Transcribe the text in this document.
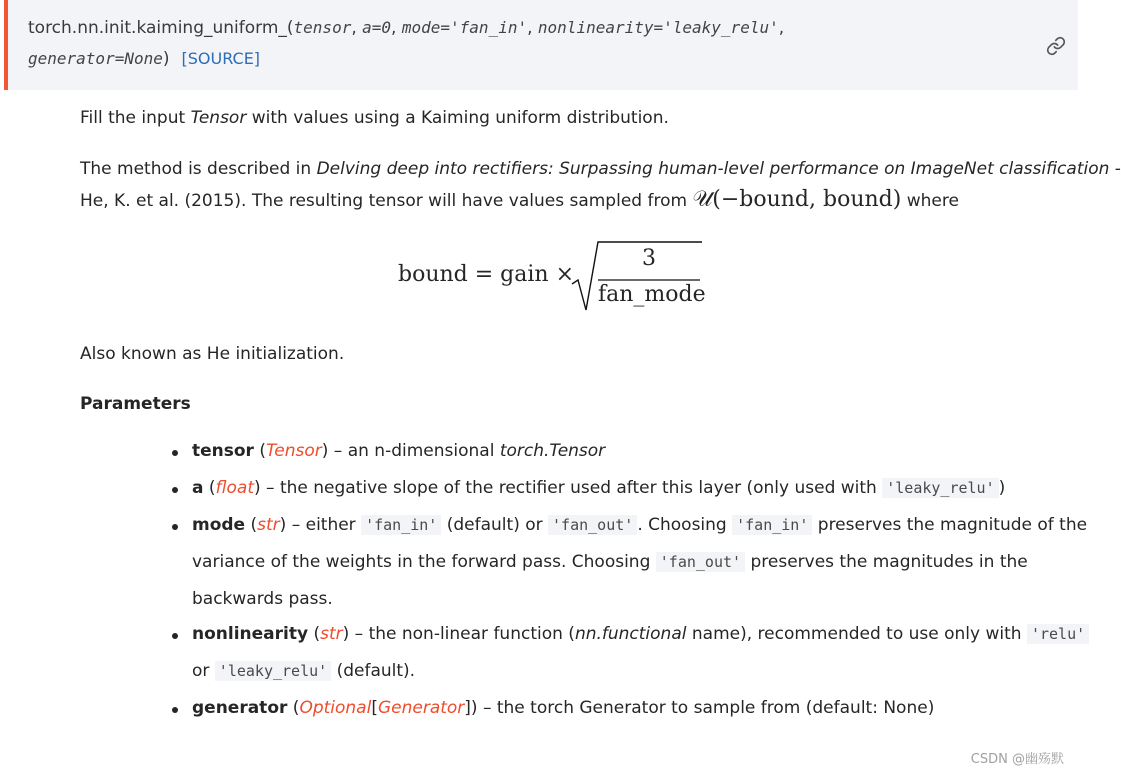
torch.nn.init.kaiming_uniform_(tensor, a=0, mode='fan_in', nonlinearity='leaky_relu',
generator=None) [SOURCE]
Fill the input Tensor with values using a Kaiming uniform distribution.
The method is described in Delving deep into rectifiers: Surpassing human-level performance on ImageNet classification -
He, K. et al. (2015). The resulting tensor will have values sampled from 𝒰(−bound, bound) where
bound = gain ×
3
fan_mode
Also known as He initialization.
Parameters
tensor (Tensor) – an n-dimensional torch.Tensor
a (float) – the negative slope of the rectifier used after this layer (only used with 'leaky_relu' )
mode (str) – either 'fan_in' (default) or 'fan_out' . Choosing 'fan_in' preserves the magnitude of the
variance of the weights in the forward pass. Choosing 'fan_out' preserves the magnitudes in the
backwards pass.
nonlinearity (str) – the non-linear function (nn.functional name), recommended to use only with 'relu'
or 'leaky_relu' (default).
generator (Optional[Generator]) – the torch Generator to sample from (default: None)
CSDN @幽殇默
